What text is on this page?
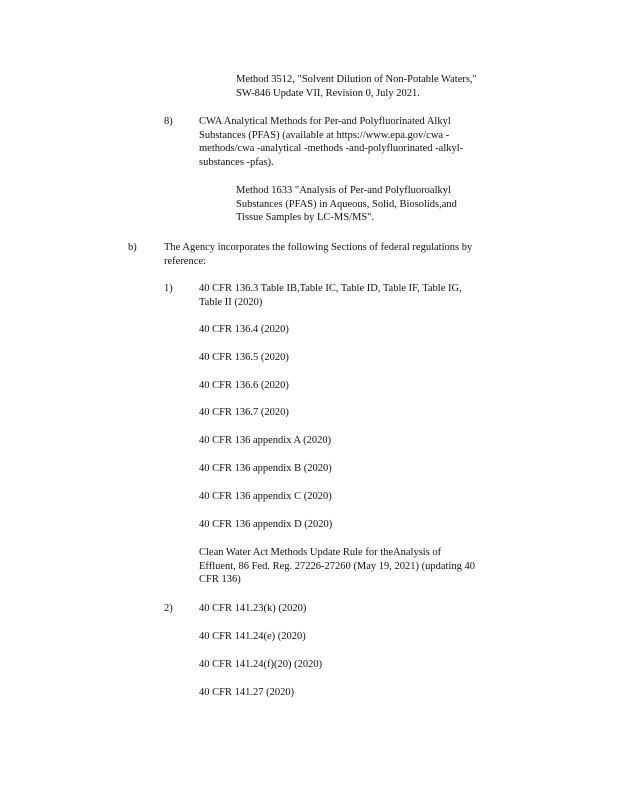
Method 3512, "Solvent Dilution of Non-Potable Waters,"
SW-846 Update VII, Revision 0, July 2021.
8)	CWA Analytical Methods for Per-and Polyfluorinated Alkyl
Substances (PFAS) (available at https://www.epa.gov/cwa -
methods/cwa -analytical -methods -and-polyfluorinated -alkyl-
substances -pfas).
Method 1633 "Analysis of Per-and Polyfluoroalkyl
Substances (PFAS) in Aqueous, Solid, Biosolids,and
Tissue Samples by LC-MS/MS".
b)	The Agency incorporates the following Sections of federal regulations by
reference:
1)	40 CFR 136.3 Table IB,Table IC, Table ID, Table IF, Table IG,
Table II (2020)
40 CFR 136.4 (2020)
40 CFR 136.5 (2020)
40 CFR 136.6 (2020)
40 CFR 136.7 (2020)
40 CFR 136 appendix A (2020)
40 CFR 136 appendix B (2020)
40 CFR 136 appendix C (2020)
40 CFR 136 appendix D (2020)
Clean Water Act Methods Update Rule for theAnalysis of
Effluent, 86 Fed. Reg. 27226-27260 (May 19, 2021) (updating 40
CFR 136)
2)	40 CFR 141.23(k) (2020)
40 CFR 141.24(e) (2020)
40 CFR 141.24(f)(20) (2020)
40 CFR 141.27 (2020)
